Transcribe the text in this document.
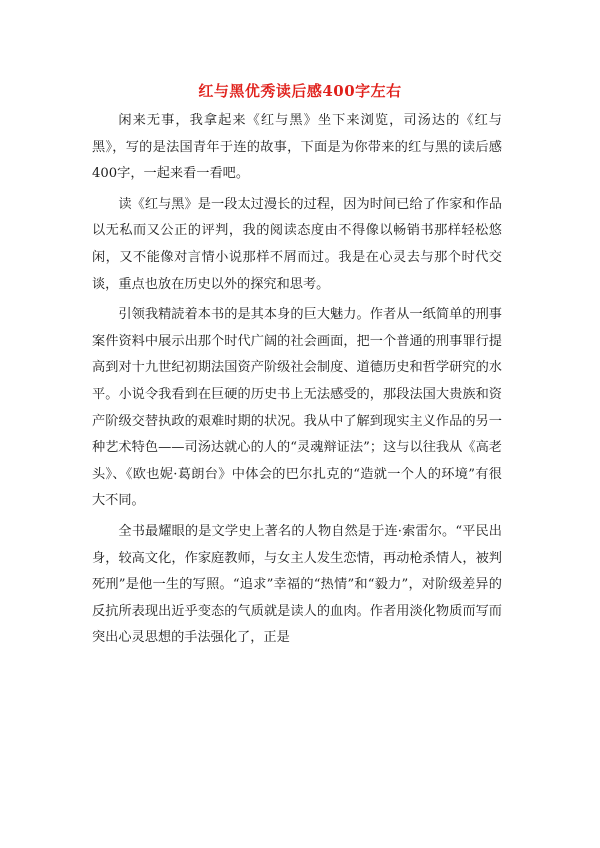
红与黑优秀读后感400字左右

闲来无事，我拿起来《红与黑》坐下来浏览，司汤达的《红与黑》，写的是法国青年于连的故事，下面是为你带来的红与黑的读后感400字，一起来看一看吧。

读《红与黑》是一段太过漫长的过程，因为时间已给了作家和作品以无私而又公正的评判，我的阅读态度由不得像以畅销书那样轻松悠闲，又不能像对言情小说那样不屑而过。我是在心灵去与那个时代交谈，重点也放在历史以外的探究和思考。

引领我精読着本书的是其本身的巨大魅力。作者从一纸简单的刑事案件资料中展示出那个时代广阔的社会画面，把一个普通的刑事罪行提高到对十九世纪初期法国资产阶级社会制度、道德历史和哲学研究的水平。小说令我看到在巨硬的历史书上无法感受的，那段法国大贵族和资产阶级交替执政的艰难时期的状况。我从中了解到现实主义作品的另一种艺术特色——司汤达就心的人的“灵魂辩证法”；这与以往我从《高老头》、《欧也妮·葛朗台》中体会的巴尔扎克的“造就一个人的环境”有很大不同。

全书最耀眼的是文学史上著名的人物自然是于连·索雷尔。“平民出身，较高文化，作家庭教师，与女主人发生恋情，再动枪杀情人，被判死刑”是他一生的写照。“追求”幸福的“热情”和“毅力”，对阶级差异的反抗所表现出近乎变态的气质就是读人的血肉。作者用淡化物质而写而突出心灵思想的手法强化了，正是
